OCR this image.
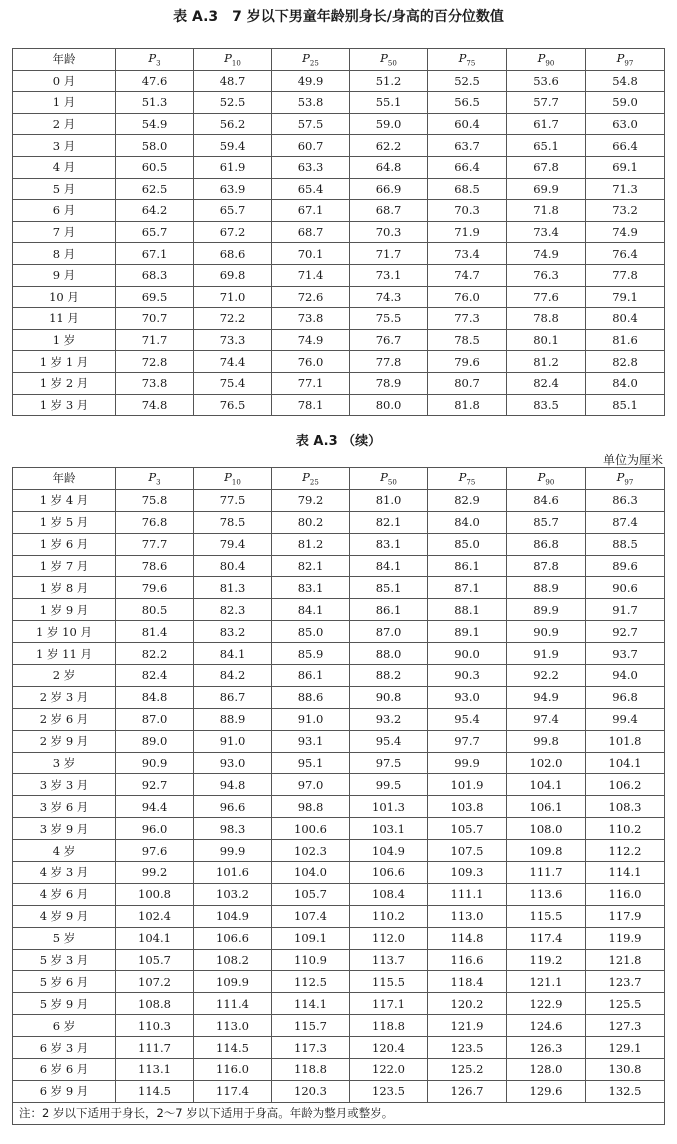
表 A.3　7 岁以下男童年龄别身长/身高的百分位数值
年龄	$P_3$	$P_{10}$	$P_{25}$	$P_{50}$	$P_{75}$	$P_{90}$	$P_{97}$
0 月	47.6	48.7	49.9	51.2	52.5	53.6	54.8
1 月	51.3	52.5	53.8	55.1	56.5	57.7	59.0
2 月	54.9	56.2	57.5	59.0	60.4	61.7	63.0
3 月	58.0	59.4	60.7	62.2	63.7	65.1	66.4
4 月	60.5	61.9	63.3	64.8	66.4	67.8	69.1
5 月	62.5	63.9	65.4	66.9	68.5	69.9	71.3
6 月	64.2	65.7	67.1	68.7	70.3	71.8	73.2
7 月	65.7	67.2	68.7	70.3	71.9	73.4	74.9
8 月	67.1	68.6	70.1	71.7	73.4	74.9	76.4
9 月	68.3	69.8	71.4	73.1	74.7	76.3	77.8
10 月	69.5	71.0	72.6	74.3	76.0	77.6	79.1
11 月	70.7	72.2	73.8	75.5	77.3	78.8	80.4
1 岁	71.7	73.3	74.9	76.7	78.5	80.1	81.6
1 岁 1 月	72.8	74.4	76.0	77.8	79.6	81.2	82.8
1 岁 2 月	73.8	75.4	77.1	78.9	80.7	82.4	84.0
1 岁 3 月	74.8	76.5	78.1	80.0	81.8	83.5	85.1
表 A.3 （续）
单位为厘米
年龄	$P_3$	$P_{10}$	$P_{25}$	$P_{50}$	$P_{75}$	$P_{90}$	$P_{97}$
1 岁 4 月	75.8	77.5	79.2	81.0	82.9	84.6	86.3
1 岁 5 月	76.8	78.5	80.2	82.1	84.0	85.7	87.4
1 岁 6 月	77.7	79.4	81.2	83.1	85.0	86.8	88.5
1 岁 7 月	78.6	80.4	82.1	84.1	86.1	87.8	89.6
1 岁 8 月	79.6	81.3	83.1	85.1	87.1	88.9	90.6
1 岁 9 月	80.5	82.3	84.1	86.1	88.1	89.9	91.7
1 岁 10 月	81.4	83.2	85.0	87.0	89.1	90.9	92.7
1 岁 11 月	82.2	84.1	85.9	88.0	90.0	91.9	93.7
2 岁	82.4	84.2	86.1	88.2	90.3	92.2	94.0
2 岁 3 月	84.8	86.7	88.6	90.8	93.0	94.9	96.8
2 岁 6 月	87.0	88.9	91.0	93.2	95.4	97.4	99.4
2 岁 9 月	89.0	91.0	93.1	95.4	97.7	99.8	101.8
3 岁	90.9	93.0	95.1	97.5	99.9	102.0	104.1
3 岁 3 月	92.7	94.8	97.0	99.5	101.9	104.1	106.2
3 岁 6 月	94.4	96.6	98.8	101.3	103.8	106.1	108.3
3 岁 9 月	96.0	98.3	100.6	103.1	105.7	108.0	110.2
4 岁	97.6	99.9	102.3	104.9	107.5	109.8	112.2
4 岁 3 月	99.2	101.6	104.0	106.6	109.3	111.7	114.1
4 岁 6 月	100.8	103.2	105.7	108.4	111.1	113.6	116.0
4 岁 9 月	102.4	104.9	107.4	110.2	113.0	115.5	117.9
5 岁	104.1	106.6	109.1	112.0	114.8	117.4	119.9
5 岁 3 月	105.7	108.2	110.9	113.7	116.6	119.2	121.8
5 岁 6 月	107.2	109.9	112.5	115.5	118.4	121.1	123.7
5 岁 9 月	108.8	111.4	114.1	117.1	120.2	122.9	125.5
6 岁	110.3	113.0	115.7	118.8	121.9	124.6	127.3
6 岁 3 月	111.7	114.5	117.3	120.4	123.5	126.3	129.1
6 岁 6 月	113.1	116.0	118.8	122.0	125.2	128.0	130.8
6 岁 9 月	114.5	117.4	120.3	123.5	126.7	129.6	132.5
注：2 岁以下适用于身长，2～7 岁以下适用于身高。年龄为整月或整岁。							
